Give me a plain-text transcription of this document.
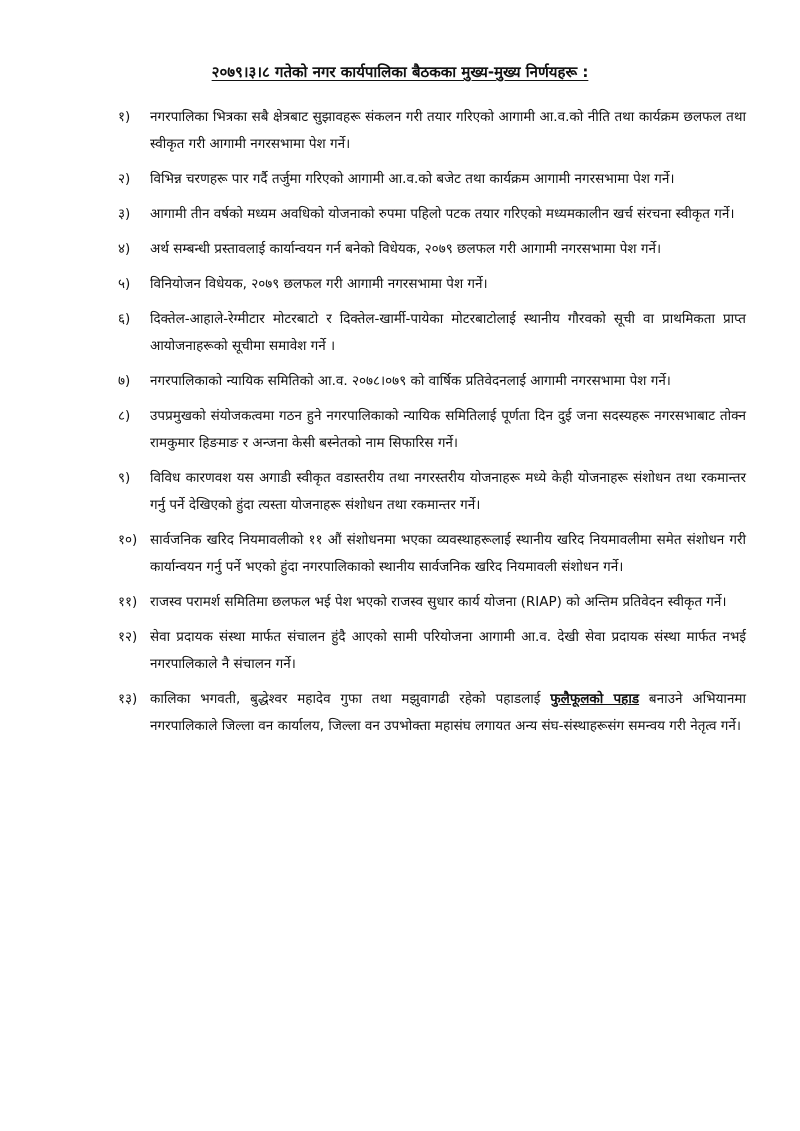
२०७९।३।८ गतेको नगर कार्यपालिका बैठकका मुख्य-मुख्य निर्णयहरू :
१)	नगरपालिका भित्रका सबै क्षेत्रबाट सुझावहरू संकलन गरी तयार गरिएको आगामी आ.व.को नीति तथा कार्यक्रम छलफल तथा स्वीकृत गरी आगामी नगरसभामा पेश गर्ने।
२)	विभिन्न चरणहरू पार गर्दै तर्जुमा गरिएको आगामी आ.व.को बजेट तथा कार्यक्रम आगामी नगरसभामा पेश गर्ने।
३)	आगामी तीन वर्षको मध्यम अवधिको योजनाको रुपमा पहिलो पटक तयार गरिएको मध्यमकालीन खर्च संरचना स्वीकृत गर्ने।
४)	अर्थ सम्बन्धी प्रस्तावलाई कार्यान्वयन गर्न बनेको विधेयक, २०७९ छलफल गरी आगामी नगरसभामा पेश गर्ने।
५)	विनियोजन विधेयक, २०७९ छलफल गरी आगामी नगरसभामा पेश गर्ने।
६)	दिक्तेल-आहाले-रेग्मीटार मोटरबाटो र दिक्तेल-खार्मी-पायेका मोटरबाटोलाई स्थानीय गौरवको सूची वा प्राथमिकता प्राप्त आयोजनाहरूको सूचीमा समावेश गर्ने ।
७)	नगरपालिकाको न्यायिक समितिको आ.व. २०७८।०७९ को वार्षिक प्रतिवेदनलाई आगामी नगरसभामा पेश गर्ने।
८)	उपप्रमुखको संयोजकत्वमा गठन हुने नगरपालिकाको न्यायिक समितिलाई पूर्णता दिन दुई जना सदस्यहरू नगरसभाबाट तोक्न रामकुमार हिङमाङ र अन्जना केसी बस्नेतको नाम सिफारिस गर्ने।
९)	विविध कारणवश यस अगाडी स्वीकृत वडास्तरीय तथा नगरस्तरीय योजनाहरू मध्ये केही योजनाहरू संशोधन तथा रकमान्तर गर्नु पर्ने देखिएको हुंदा त्यस्ता योजनाहरू संशोधन तथा रकमान्तर गर्ने।
१०) सार्वजनिक खरिद नियमावलीको ११ औं संशोधनमा भएका व्यवस्थाहरूलाई स्थानीय खरिद नियमावलीमा समेत संशोधन गरी कार्यान्वयन गर्नु पर्ने भएको हुंदा नगरपालिकाको स्थानीय सार्वजनिक खरिद नियमावली संशोधन गर्ने।
११) राजस्व परामर्श समितिमा छलफल भई पेश भएको राजस्व सुधार कार्य योजना (RIAP) को अन्तिम प्रतिवेदन स्वीकृत गर्ने।
१२) सेवा प्रदायक संस्था मार्फत संचालन हुंदै आएको सामी परियोजना आगामी आ.व. देखी सेवा प्रदायक संस्था मार्फत नभई नगरपालिकाले नै संचालन गर्ने।
१३) कालिका भगवती, बुद्धेश्वर महादेव गुफा तथा मझुवागढी रहेको पहाडलाई फुलैफूलको पहाड बनाउने अभियानमा नगरपालिकाले जिल्ला वन कार्यालय, जिल्ला वन उपभोक्ता महासंघ लगायत अन्य संघ-संस्थाहरूसंग समन्वय गरी नेतृत्व गर्ने।
